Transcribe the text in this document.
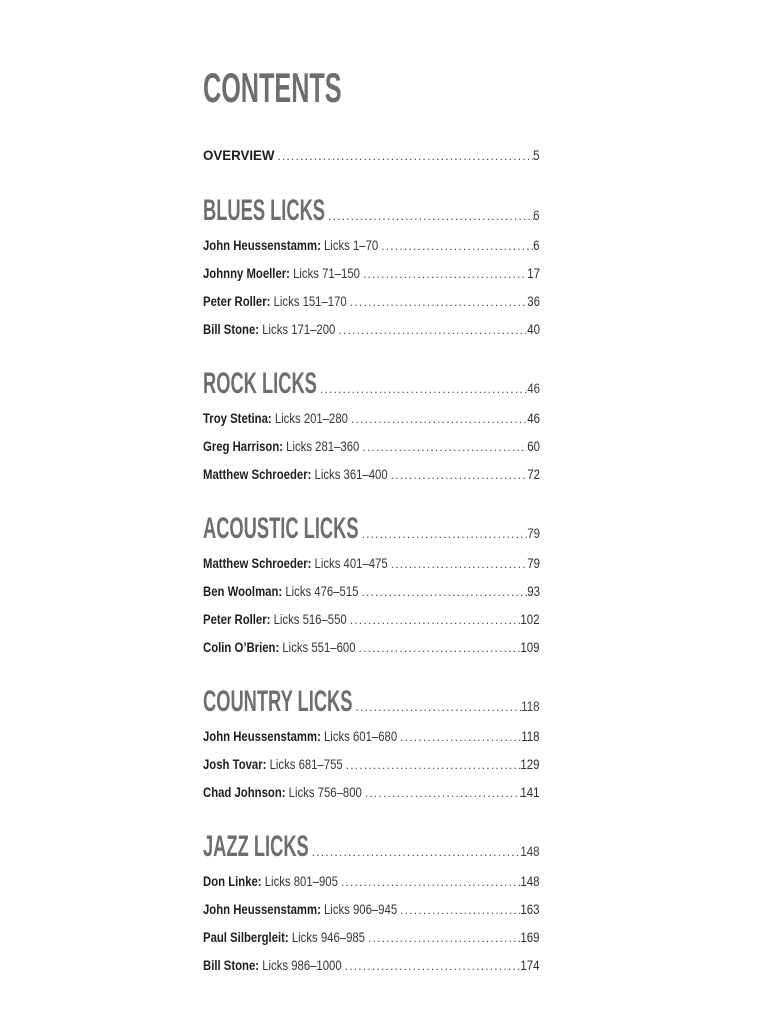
CONTENTS
OVERVIEW .....	5
BLUES LICKS .....	6
John Heussenstamm: Licks 1–70 .....	6
Johnny Moeller: Licks 71–150 .....	17
Peter Roller: Licks 151–170 .....	36
Bill Stone: Licks 171–200 .....	40
ROCK LICKS .....	46
Troy Stetina: Licks 201–280 .....	46
Greg Harrison: Licks 281–360 .....	60
Matthew Schroeder: Licks 361–400 .....	72
ACOUSTIC LICKS .....	79
Matthew Schroeder: Licks 401–475 .....	79
Ben Woolman: Licks 476–515 .....	93
Peter Roller: Licks 516–550 .....	102
Colin O’Brien: Licks 551–600 .....	109
COUNTRY LICKS .....	118
John Heussenstamm: Licks 601–680 .....	118
Josh Tovar: Licks 681–755 .....	129
Chad Johnson: Licks 756–800 .....	141
JAZZ LICKS .....	148
Don Linke: Licks 801–905 .....	148
John Heussenstamm: Licks 906–945 .....	163
Paul Silbergleit: Licks 946–985 .....	169
Bill Stone: Licks 986–1000 .....	174
